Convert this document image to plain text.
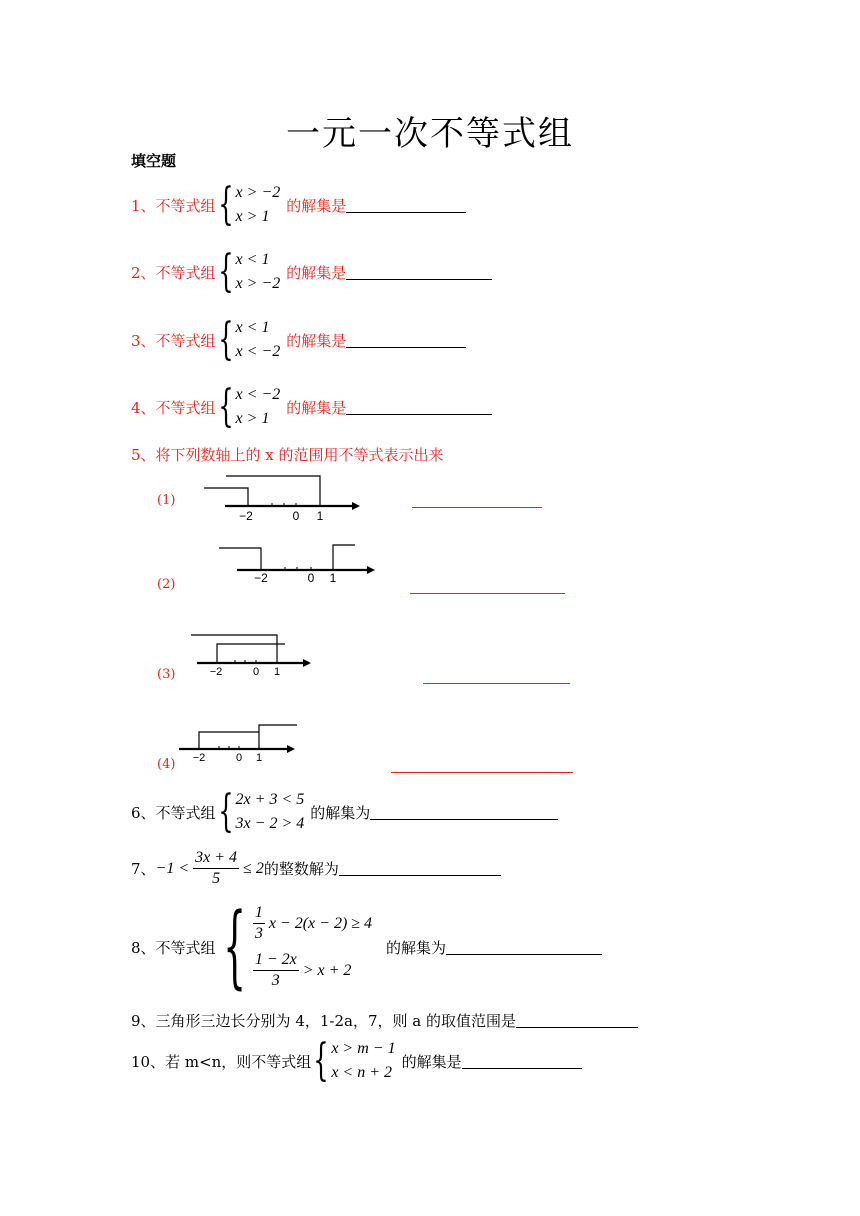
一元一次不等式组
填空题
1、不等式组 { x > −2
x > 1
的解集是
2、不等式组 { x < 1
x > −2
的解集是
3、不等式组 { x < 1
x < −2
的解集是
4、不等式组 { x < −2
x > 1
的解集是
5、将下列数轴上的 x 的范围用不等式表示出来
(1)
−2	0 1
(2)	−2	0 1
(3)	−2	0 1
(4) −2	0 1
6、不等式组 { 2x + 3 < 5
3x − 2 > 4
的解集为
7、 $-1 < \frac{3x + 4}{5} \le 2$ 的整数解为
8、不等式组 { $\frac{1}{3}$ x − 2(x − 2) ≥ 4
$\frac{1 - 2x}{3} > x + 2$
的解集为
9、三角形三边长分别为 4，1-2a，7，则 a 的取值范围是
10、若 m<n，则不等式组 { x > m − 1
x < n + 2
的解集是
